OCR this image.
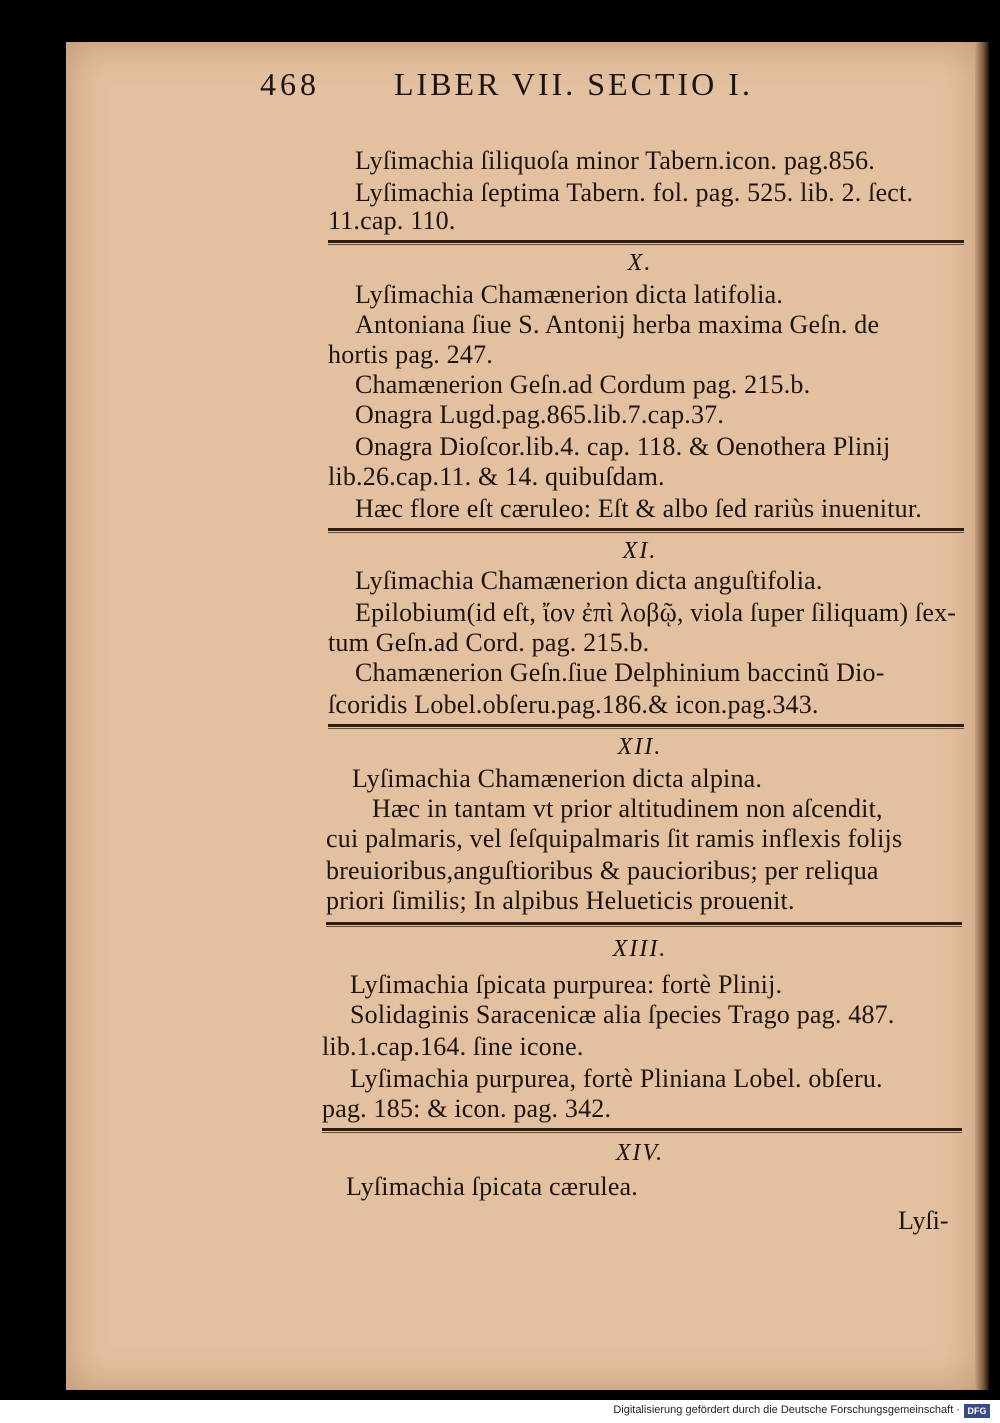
468 LIBER VII. SECTIO I.
Lyſimachia ſiliquoſa minor Tabern.icon. pag.856.
Lyſimachia ſeptima Tabern. fol. pag. 525. lib. 2. ſect.
11.cap. 110.
X.
Lyſimachia Chamænerion dicta latifolia.
Antoniana ſiue S. Antonij herba maxima Geſn. de
hortis pag. 247.
Chamænerion Geſn.ad Cordum pag. 215.b.
Onagra Lugd.pag.865.lib.7.cap.37.
Onagra Dioſcor.lib.4. cap. 118. & Oenothera Plinij
lib.26.cap.11. & 14. quibuſdam.
Hæc flore eſt cæruleo: Eſt & albo ſed rariùs inuenitur.
XI.
Lyſimachia Chamænerion dicta anguſtifolia.
Epilobium(id eſt, ἴον ἐπὶ λοβῷ, viola ſuper ſiliquam) ſex-
tum Geſn.ad Cord. pag. 215.b.
Chamænerion Geſn.ſiue Delphinium baccinũ Dio-
ſcoridis Lobel.obſeru.pag.186.& icon.pag.343.
XII.
Lyſimachia Chamænerion dicta alpina.
Hæc in tantam vt prior altitudinem non aſcendit,
cui palmaris, vel ſeſquipalmaris ſit ramis inflexis folijs
breuioribus,anguſtioribus & paucioribus; per reliqua
priori ſimilis; In alpibus Helueticis prouenit.
XIII.
Lyſimachia ſpicata purpurea: fortè Plinij.
Solidaginis Saracenicæ alia ſpecies Trago pag. 487.
lib.1.cap.164. ſine icone.
Lyſimachia purpurea, fortè Pliniana Lobel. obſeru.
pag. 185: & icon. pag. 342.
XIV.
Lyſimachia ſpicata cærulea.
Lyſi-
Digitalisierung gefördert durch die Deutsche Forschungsgemeinschaft · DFG
